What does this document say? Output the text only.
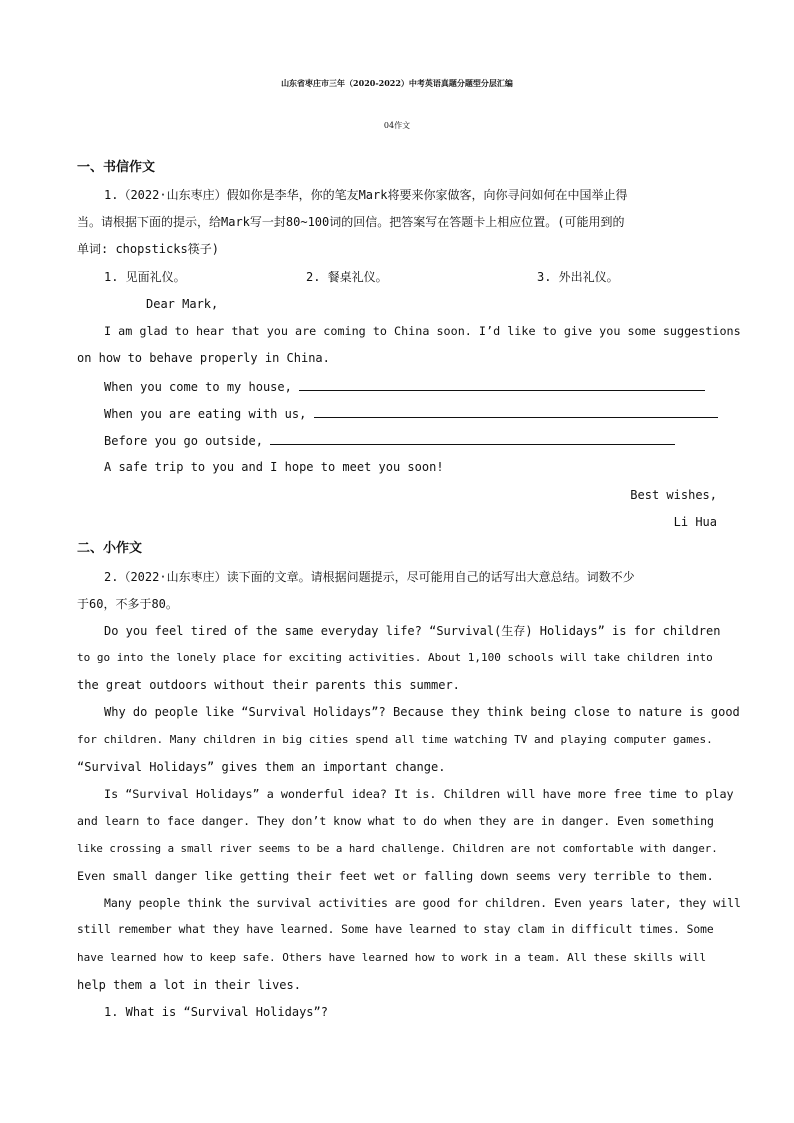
山东省枣庄市三年（2020-2022）中考英语真题分题型分层汇编
04作文
一、书信作文
1.（2022·山东枣庄）假如你是李华，你的笔友Mark将要来你家做客，向你寻问如何在中国举止得
当。请根据下面的提示，给Mark写一封80~100词的回信。把答案写在答题卡上相应位置。(可能用到的
单词: chopsticks筷子)
1. 见面礼仪。	2. 餐桌礼仪。	3. 外出礼仪。
Dear Mark,
I am glad to hear that you are coming to China soon. I’d like to give you some suggestions
on how to behave properly in China.
When you come to my house,
When you are eating with us,
Before you go outside,
A safe trip to you and I hope to meet you soon!
Best wishes,
Li Hua
二、小作文
2.（2022·山东枣庄）读下面的文章。请根据问题提示，尽可能用自己的话写出大意总结。词数不少
于60，不多于80。
Do you feel tired of the same everyday life? “Survival(生存) Holidays” is for children
to go into the lonely place for exciting activities. About 1,100 schools will take children into
the great outdoors without their parents this summer.
Why do people like “Survival Holidays”? Because they think being close to nature is good
for children. Many children in big cities spend all time watching TV and playing computer games.
“Survival Holidays” gives them an important change.
Is “Survival Holidays” a wonderful idea? It is. Children will have more free time to play
and learn to face danger. They don’t know what to do when they are in danger. Even something
like crossing a small river seems to be a hard challenge. Children are not comfortable with danger.
Even small danger like getting their feet wet or falling down seems very terrible to them.
Many people think the survival activities are good for children. Even years later, they will
still remember what they have learned. Some have learned to stay clam in difficult times. Some
have learned how to keep safe. Others have learned how to work in a team. All these skills will
help them a lot in their lives.
1. What is “Survival Holidays”?
